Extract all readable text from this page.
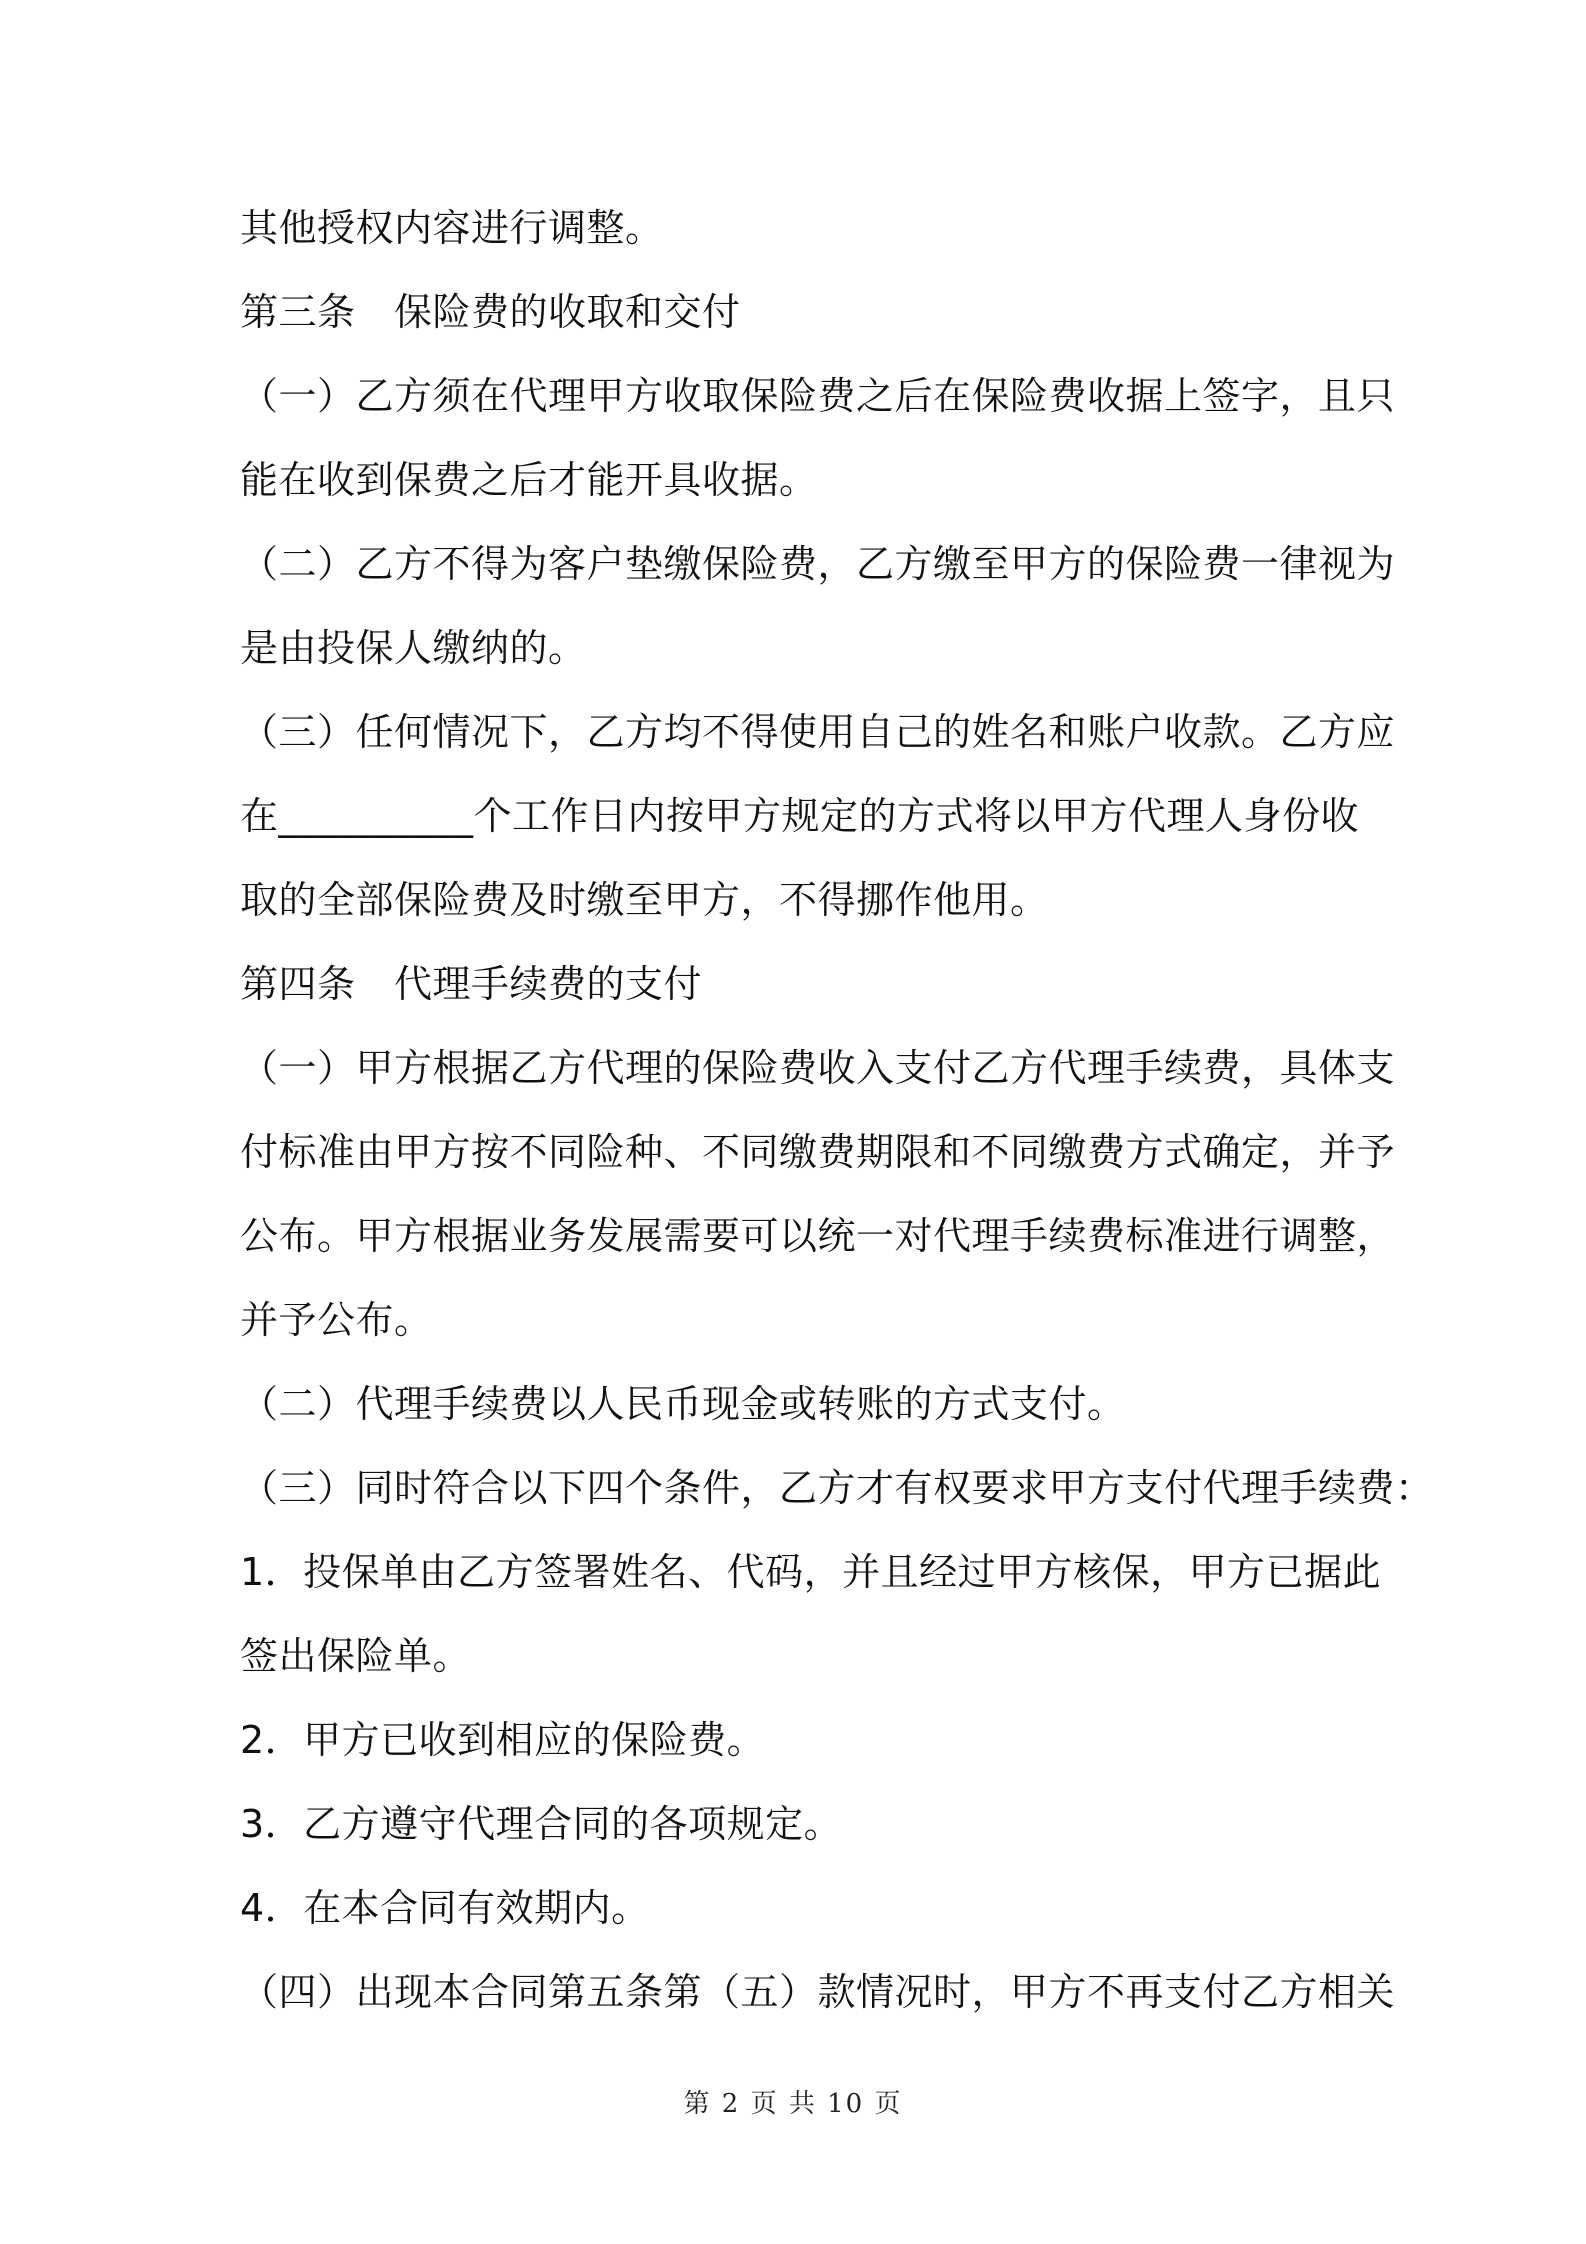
其他授权内容进行调整。
第三条　保险费的收取和交付
（一）乙方须在代理甲方收取保险费之后在保险费收据上签字，且只
能在收到保费之后才能开具收据。
（二）乙方不得为客户垫缴保险费，乙方缴至甲方的保险费一律视为
是由投保人缴纳的。
（三）任何情况下，乙方均不得使用自己的姓名和账户收款。乙方应
在__________个工作日内按甲方规定的方式将以甲方代理人身份收
取的全部保险费及时缴至甲方，不得挪作他用。
第四条　代理手续费的支付
（一）甲方根据乙方代理的保险费收入支付乙方代理手续费，具体支
付标准由甲方按不同险种、不同缴费期限和不同缴费方式确定，并予
公布。甲方根据业务发展需要可以统一对代理手续费标准进行调整，
并予公布。
（二）代理手续费以人民币现金或转账的方式支付。
（三）同时符合以下四个条件，乙方才有权要求甲方支付代理手续费：
1．投保单由乙方签署姓名、代码，并且经过甲方核保，甲方已据此
签出保险单。
2．甲方已收到相应的保险费。
3．乙方遵守代理合同的各项规定。
4．在本合同有效期内。
（四）出现本合同第五条第（五）款情况时，甲方不再支付乙方相关
第 2 页 共 10 页
